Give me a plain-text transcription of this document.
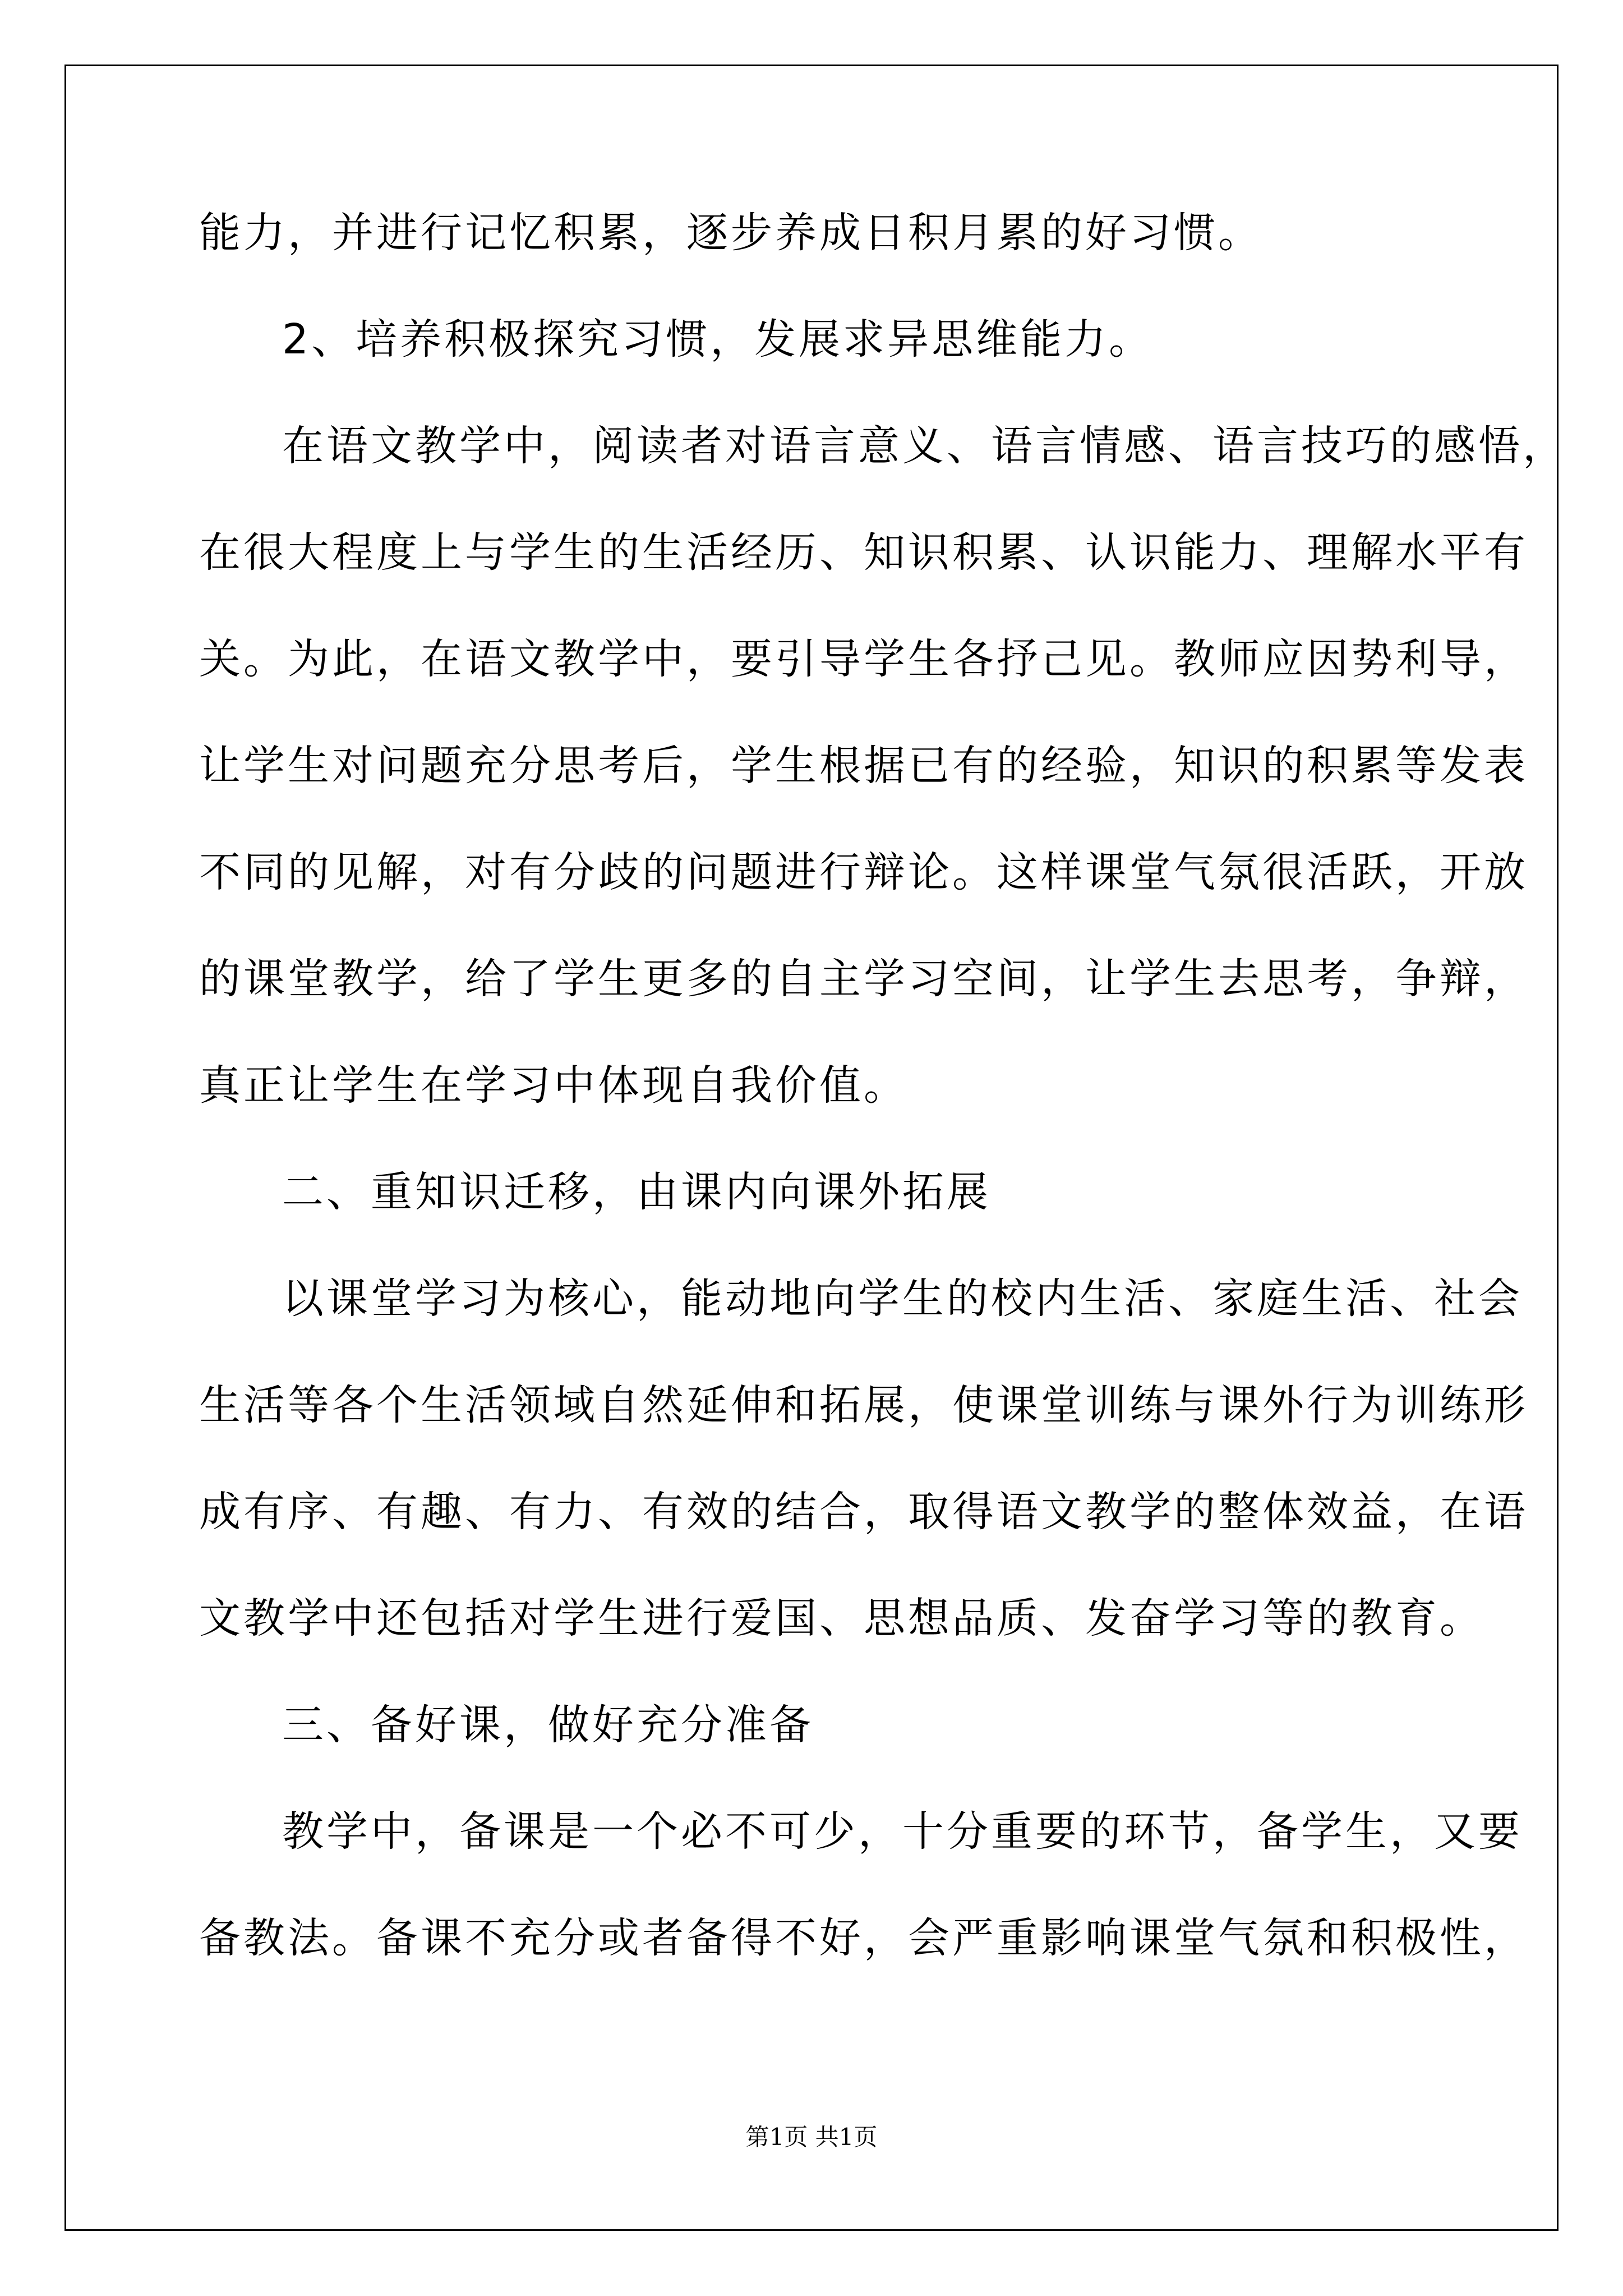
能力，并进行记忆积累，逐步养成日积月累的好习惯。
2、培养积极探究习惯，发展求异思维能力。
在语文教学中，阅读者对语言意义、语言情感、语言技巧的感悟，
在很大程度上与学生的生活经历、知识积累、认识能力、理解水平有
关。为此，在语文教学中，要引导学生各抒己见。教师应因势利导，
让学生对问题充分思考后，学生根据已有的经验，知识的积累等发表
不同的见解，对有分歧的问题进行辩论。这样课堂气氛很活跃，开放
的课堂教学，给了学生更多的自主学习空间，让学生去思考，争辩，
真正让学生在学习中体现自我价值。
二、重知识迁移，由课内向课外拓展
以课堂学习为核心，能动地向学生的校内生活、家庭生活、社会
生活等各个生活领域自然延伸和拓展，使课堂训练与课外行为训练形
成有序、有趣、有力、有效的结合，取得语文教学的整体效益，在语
文教学中还包括对学生进行爱国、思想品质、发奋学习等的教育。
三、备好课，做好充分准备
教学中，备课是一个必不可少，十分重要的环节，备学生，又要
备教法。备课不充分或者备得不好，会严重影响课堂气氛和积极性，
第1页 共1页
